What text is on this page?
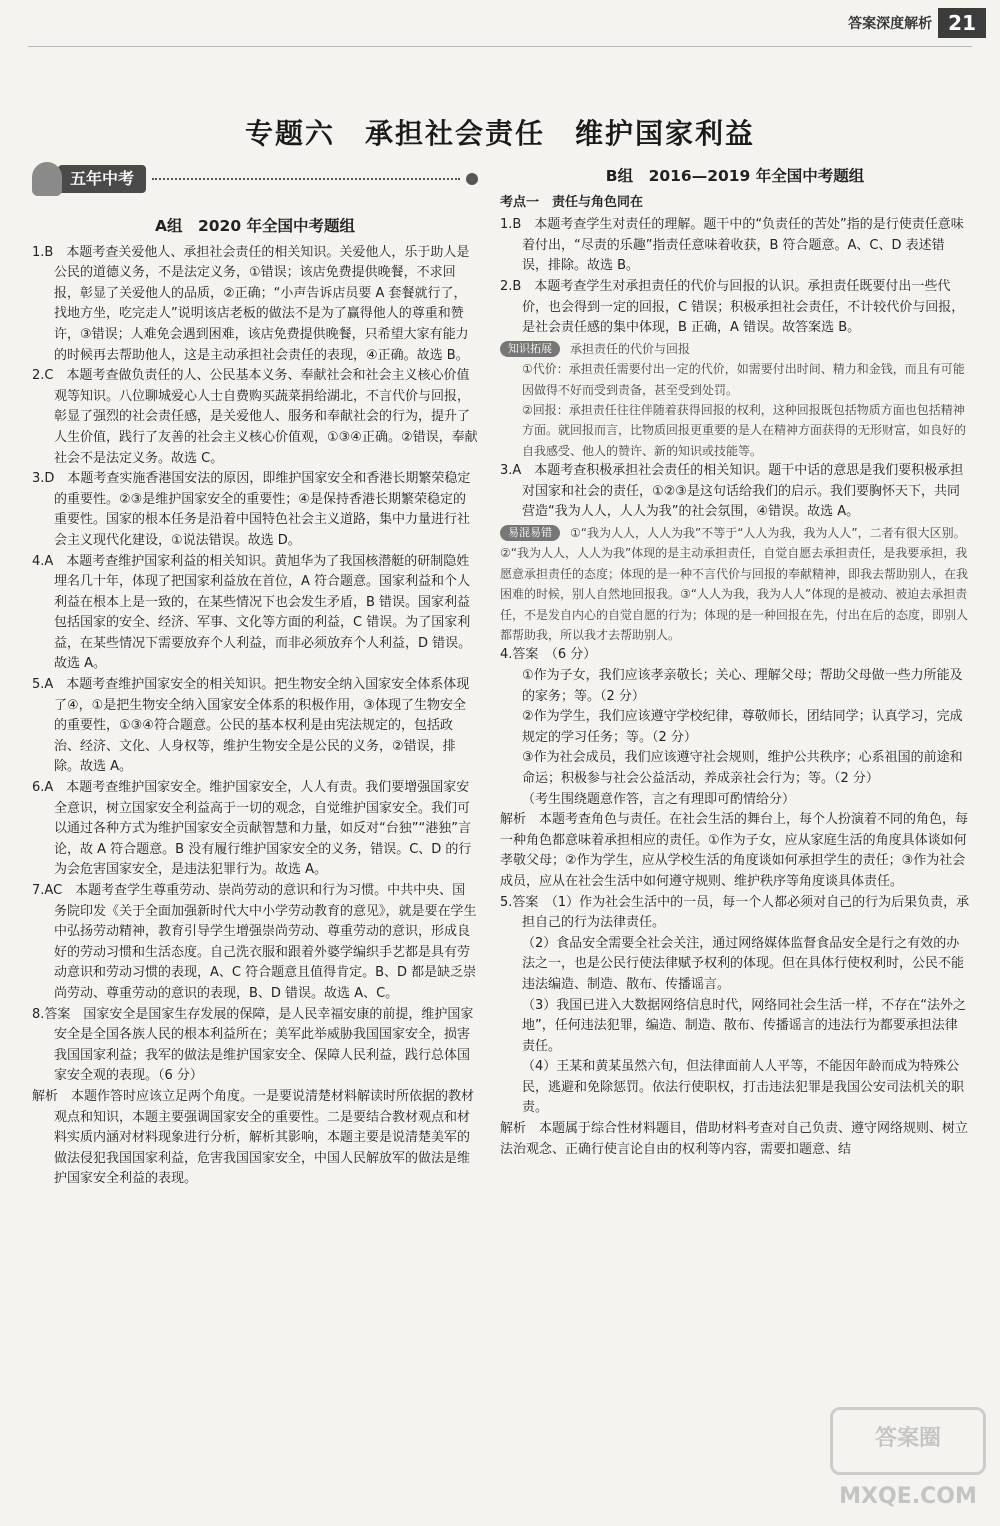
答案深度解析 21
专题六　承担社会责任　维护国家利益
五年中考
A组　2020 年全国中考题组

1.B　本题考查关爱他人、承担社会责任的相关知识。关爱他人，乐于助人是公民的道德义务，不是法定义务，①错误；该店免费提供晚餐，不求回报，彰显了关爱他人的品质，②正确；“小声告诉店员要 A 套餐就行了，找地方坐，吃完走人”说明该店老板的做法不是为了赢得他人的尊重和赞许，③错误；人难免会遇到困难，该店免费提供晚餐，只希望大家有能力的时候再去帮助他人，这是主动承担社会责任的表现，④正确。故选 B。

2.C　本题考查做负责任的人、公民基本义务、奉献社会和社会主义核心价值观等知识。八位聊城爱心人士自费购买蔬菜捐给湖北，不言代价与回报，彰显了强烈的社会责任感，是关爱他人、服务和奉献社会的行为，提升了人生价值，践行了友善的社会主义核心价值观，①③④正确。②错误，奉献社会不是法定义务。故选 C。

3.D　本题考查实施香港国安法的原因，即维护国家安全和香港长期繁荣稳定的重要性。②③是维护国家安全的重要性；④是保持香港长期繁荣稳定的重要性。国家的根本任务是沿着中国特色社会主义道路，集中力量进行社会主义现代化建设，①说法错误。故选 D。

4.A　本题考查维护国家利益的相关知识。黄旭华为了我国核潜艇的研制隐姓埋名几十年，体现了把国家利益放在首位，A 符合题意。国家利益和个人利益在根本上是一致的，在某些情况下也会发生矛盾，B 错误。国家利益包括国家的安全、经济、军事、文化等方面的利益，C 错误。为了国家利益，在某些情况下需要放弃个人利益，而非必须放弃个人利益，D 错误。故选 A。

5.A　本题考查维护国家安全的相关知识。把生物安全纳入国家安全体系体现了④，①是把生物安全纳入国家安全体系的积极作用，③体现了生物安全的重要性，①③④符合题意。公民的基本权利是由宪法规定的，包括政治、经济、文化、人身权等，维护生物安全是公民的义务，②错误，排除。故选 A。

6.A　本题考查维护国家安全。维护国家安全，人人有责。我们要增强国家安全意识，树立国家安全利益高于一切的观念，自觉维护国家安全。我们可以通过各种方式为维护国家安全贡献智慧和力量，如反对“台独”“港独”言论，故 A 符合题意。B 没有履行维护国家安全的义务，错误。C、D 的行为会危害国家安全，是违法犯罪行为。故选 A。

7.AC　本题考查学生尊重劳动、崇尚劳动的意识和行为习惯。中共中央、国务院印发《关于全面加强新时代大中小学劳动教育的意见》，就是要在学生中弘扬劳动精神，教育引导学生增强崇尚劳动、尊重劳动的意识，形成良好的劳动习惯和生活态度。自己洗衣服和跟着外婆学编织手艺都是具有劳动意识和劳动习惯的表现，A、C 符合题意且值得肯定。B、D 都是缺乏崇尚劳动、尊重劳动的意识的表现，B、D 错误。故选 A、C。

8.答案　国家安全是国家生存发展的保障，是人民幸福安康的前提，维护国家安全是全国各族人民的根本利益所在；美军此举威胁我国国家安全，损害我国国家利益；我军的做法是维护国家安全、保障人民利益，践行总体国家安全观的表现。（6 分）

解析　本题作答时应该立足两个角度。一是要说清楚材料解读时所依据的教材观点和知识，本题主要强调国家安全的重要性。二是要结合教材观点和材料实质内涵对材料现象进行分析，解析其影响，本题主要是说清楚美军的做法侵犯我国国家利益，危害我国国家安全，中国人民解放军的做法是维护国家安全利益的表现。

B组　2016—2019 年全国中考题组
考点一　责任与角色同在

1.B　本题考查学生对责任的理解。题干中的“负责任的苦处”指的是行使责任意味着付出，“尽责的乐趣”指责任意味着收获，B 符合题意。A、C、D 表述错误，排除。故选 B。

2.B　本题考查学生对承担责任的代价与回报的认识。承担责任既要付出一些代价，也会得到一定的回报，C 错误；积极承担社会责任，不计较代价与回报，是社会责任感的集中体现，B 正确，A 错误。故答案选 B。

知识拓展 承担责任的代价与回报

①代价：承担责任需要付出一定的代价，如需要付出时间、精力和金钱，而且有可能因做得不好而受到责备，甚至受到处罚。

②回报：承担责任往往伴随着获得回报的权利，这种回报既包括物质方面也包括精神方面。就回报而言，比物质回报更重要的是人在精神方面获得的无形财富，如良好的自我感受、他人的赞许、新的知识或技能等。

3.A　本题考查积极承担社会责任的相关知识。题干中话的意思是我们要积极承担对国家和社会的责任，①②③是这句话给我们的启示。我们要胸怀天下，共同营造“我为人人，人人为我”的社会氛围，④错误。故选 A。

易混易错 ①“我为人人，人人为我”不等于“人人为我，我为人人”，二者有很大区别。②“我为人人，人人为我”体现的是主动承担责任，自觉自愿去承担责任，是我要承担，我愿意承担责任的态度；体现的是一种不言代价与回报的奉献精神，即我去帮助别人，在我困难的时候，别人自然地回报我。③“人人为我，我为人人”体现的是被动、被迫去承担责任，不是发自内心的自觉自愿的行为；体现的是一种回报在先，付出在后的态度，即别人都帮助我，所以我才去帮助别人。

4.答案　（6 分）

①作为子女，我们应该孝亲敬长；关心、理解父母；帮助父母做一些力所能及的家务；等。（2 分）

②作为学生，我们应该遵守学校纪律，尊敬师长，团结同学；认真学习，完成规定的学习任务；等。（2 分）

③作为社会成员，我们应该遵守社会规则，维护公共秩序；心系祖国的前途和命运；积极参与社会公益活动，养成亲社会行为；等。（2 分）

（考生围绕题意作答，言之有理即可酌情给分）

解析　本题考查角色与责任。在社会生活的舞台上，每个人扮演着不同的角色，每一种角色都意味着承担相应的责任。①作为子女，应从家庭生活的角度具体谈如何孝敬父母；②作为学生，应从学校生活的角度谈如何承担学生的责任；③作为社会成员，应从在社会生活中如何遵守规则、维护秩序等角度谈具体责任。

5.答案　（1）作为社会生活中的一员，每一个人都必须对自己的行为后果负责，承担自己的行为法律责任。

（2）食品安全需要全社会关注，通过网络媒体监督食品安全是行之有效的办法之一，也是公民行使法律赋予权利的体现。但在具体行使权利时，公民不能违法编造、制造、散布、传播谣言。

（3）我国已进入大数据网络信息时代，网络同社会生活一样，不存在“法外之地”，任何违法犯罪，编造、制造、散布、传播谣言的违法行为都要承担法律责任。

（4）王某和黄某虽然六旬，但法律面前人人平等，不能因年龄而成为特殊公民，逃避和免除惩罚。依法行使职权，打击违法犯罪是我国公安司法机关的职责。

解析　本题属于综合性材料题目，借助材料考查对自己负责、遵守网络规则、树立法治观念、正确行使言论自由的权利等内容，需要扣题意、结

答案圈 MXQE.COM
